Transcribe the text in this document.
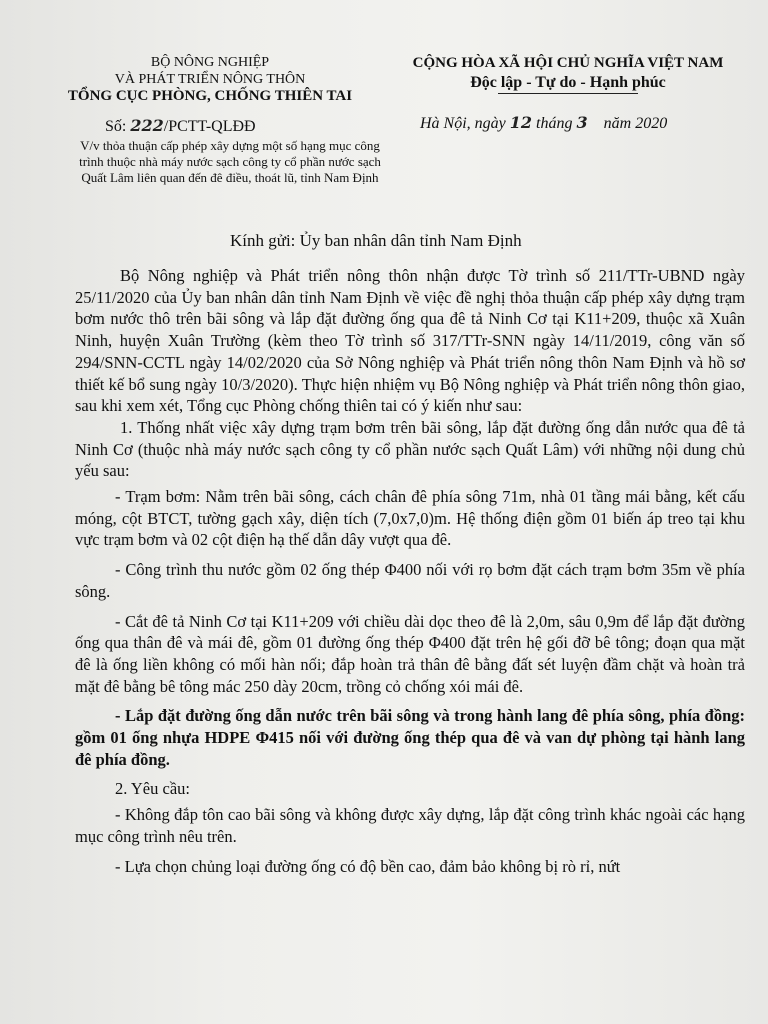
BỘ NÔNG NGHIỆP
VÀ PHÁT TRIỂN NÔNG THÔN
TỔNG CỤC PHÒNG, CHỐNG THIÊN TAI
CỘNG HÒA XÃ HỘI CHỦ NGHĨA VIỆT NAM
Độc lập - Tự do - Hạnh phúc
Số: 222/PCTT-QLĐĐ	Hà Nội, ngày 12 tháng 3 năm 2020
V/v thỏa thuận cấp phép xây dựng một số hạng mục công trình thuộc nhà máy nước sạch công ty cổ phần nước sạch Quất Lâm liên quan đến đê điều, thoát lũ, tỉnh Nam Định
Kính gửi: Ủy ban nhân dân tỉnh Nam Định

Bộ Nông nghiệp và Phát triển nông thôn nhận được Tờ trình số 211/TTr-UBND ngày 25/11/2020 của Ủy ban nhân dân tỉnh Nam Định về việc đề nghị thỏa thuận cấp phép xây dựng trạm bơm nước thô trên bãi sông và lắp đặt đường ống qua đê tả Ninh Cơ tại K11+209, thuộc xã Xuân Ninh, huyện Xuân Trường (kèm theo Tờ trình số 317/TTr-SNN ngày 14/11/2019, công văn số 294/SNN-CCTL ngày 14/02/2020 của Sở Nông nghiệp và Phát triển nông thôn Nam Định và hồ sơ thiết kế bổ sung ngày 10/3/2020). Thực hiện nhiệm vụ Bộ Nông nghiệp và Phát triển nông thôn giao, sau khi xem xét, Tổng cục Phòng chống thiên tai có ý kiến như sau:

1. Thống nhất việc xây dựng trạm bơm trên bãi sông, lắp đặt đường ống dẫn nước qua đê tả Ninh Cơ (thuộc nhà máy nước sạch công ty cổ phần nước sạch Quất Lâm) với những nội dung chủ yếu sau:

- Trạm bơm: Nằm trên bãi sông, cách chân đê phía sông 71m, nhà 01 tầng mái bằng, kết cấu móng, cột BTCT, tường gạch xây, diện tích (7,0x7,0)m. Hệ thống điện gồm 01 biến áp treo tại khu vực trạm bơm và 02 cột điện hạ thế dẫn dây vượt qua đê.

- Công trình thu nước gồm 02 ống thép Φ400 nối với rọ bơm đặt cách trạm bơm 35m về phía sông.

- Cắt đê tả Ninh Cơ tại K11+209 với chiều dài dọc theo đê là 2,0m, sâu 0,9m để lắp đặt đường ống qua thân đê và mái đê, gồm 01 đường ống thép Φ400 đặt trên hệ gối đỡ bê tông; đoạn qua mặt đê là ống liền không có mối hàn nối; đắp hoàn trả thân đê bằng đất sét luyện đầm chặt và hoàn trả mặt đê bằng bê tông mác 250 dày 20cm, trồng cỏ chống xói mái đê.

- Lắp đặt đường ống dẫn nước trên bãi sông và trong hành lang đê phía sông, phía đồng: gồm 01 ống nhựa HDPE Φ415 nối với đường ống thép qua đê và van dự phòng tại hành lang đê phía đồng.

2. Yêu cầu:

- Không đắp tôn cao bãi sông và không được xây dựng, lắp đặt công trình khác ngoài các hạng mục công trình nêu trên.

- Lựa chọn chủng loại đường ống có độ bền cao, đảm bảo không bị rò rỉ, nứt
